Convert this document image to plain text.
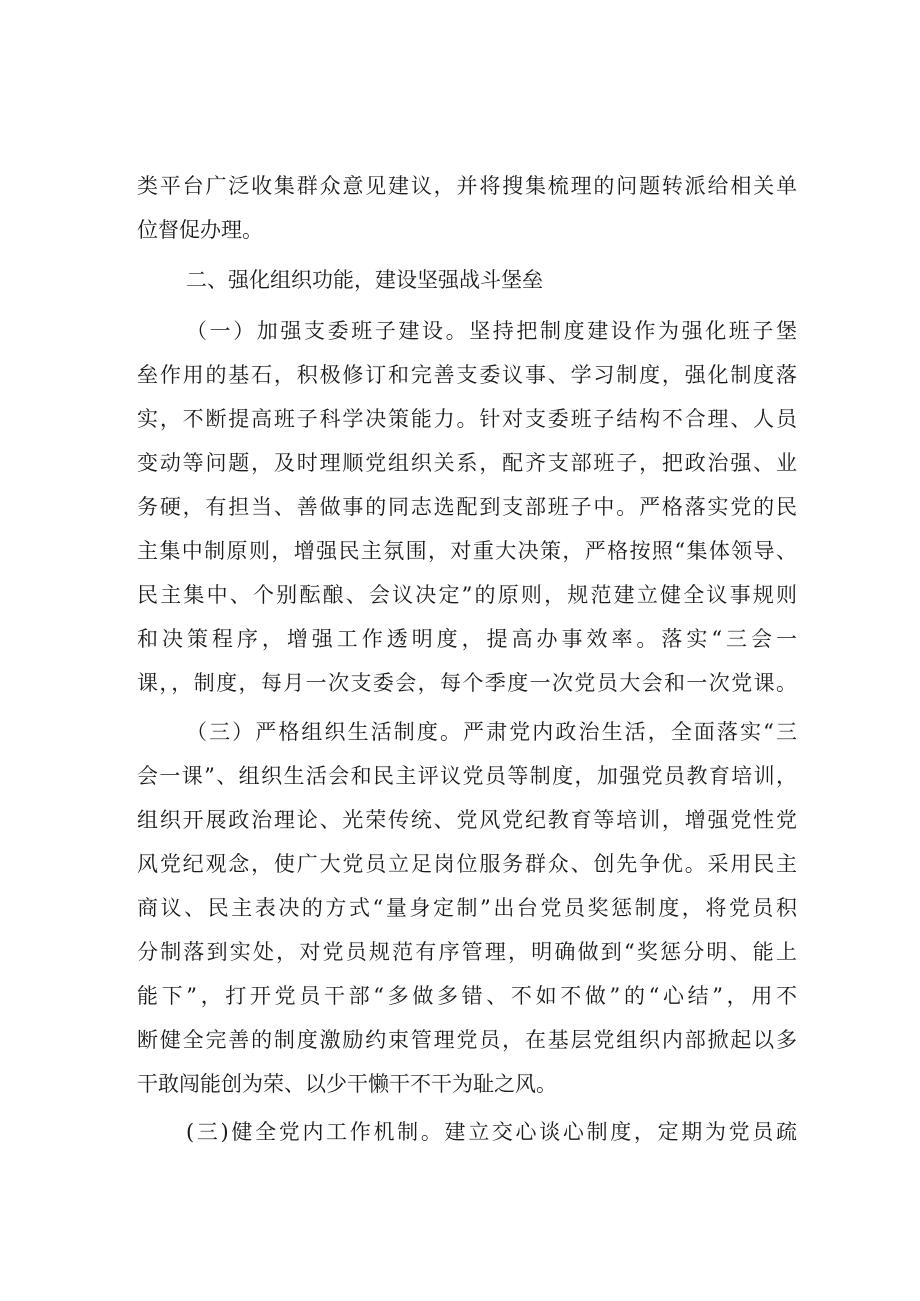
类平台广泛收集群众意见建议，并将搜集梳理的问题转派给相关单
位督促办理。
二、强化组织功能，建设坚强战斗堡垒
（一）加强支委班子建设。坚持把制度建设作为强化班子堡
垒作用的基石，积极修订和完善支委议事、学习制度，强化制度落
实，不断提高班子科学决策能力。针对支委班子结构不合理、人员
变动等问题，及时理顺党组织关系，配齐支部班子，把政治强、业
务硬，有担当、善做事的同志选配到支部班子中。严格落实党的民
主集中制原则，增强民主氛围，对重大决策，严格按照“集体领导、
民主集中、个别酝酿、会议决定”的原则，规范建立健全议事规则
和决策程序，增强工作透明度，提高办事效率。落实“三会一
课，，制度，每月一次支委会，每个季度一次党员大会和一次党课。
（三）严格组织生活制度。严肃党内政治生活，全面落实“三
会一课”、组织生活会和民主评议党员等制度，加强党员教育培训，
组织开展政治理论、光荣传统、党风党纪教育等培训，增强党性党
风党纪观念，使广大党员立足岗位服务群众、创先争优。采用民主
商议、民主表决的方式“量身定制”出台党员奖惩制度，将党员积
分制落到实处，对党员规范有序管理，明确做到“奖惩分明、能上
能下”，打开党员干部“多做多错、不如不做”的“心结”，用不
断健全完善的制度激励约束管理党员，在基层党组织内部掀起以多
干敢闯能创为荣、以少干懒干不干为耻之风。
(三)健全党内工作机制。建立交心谈心制度，定期为党员疏
